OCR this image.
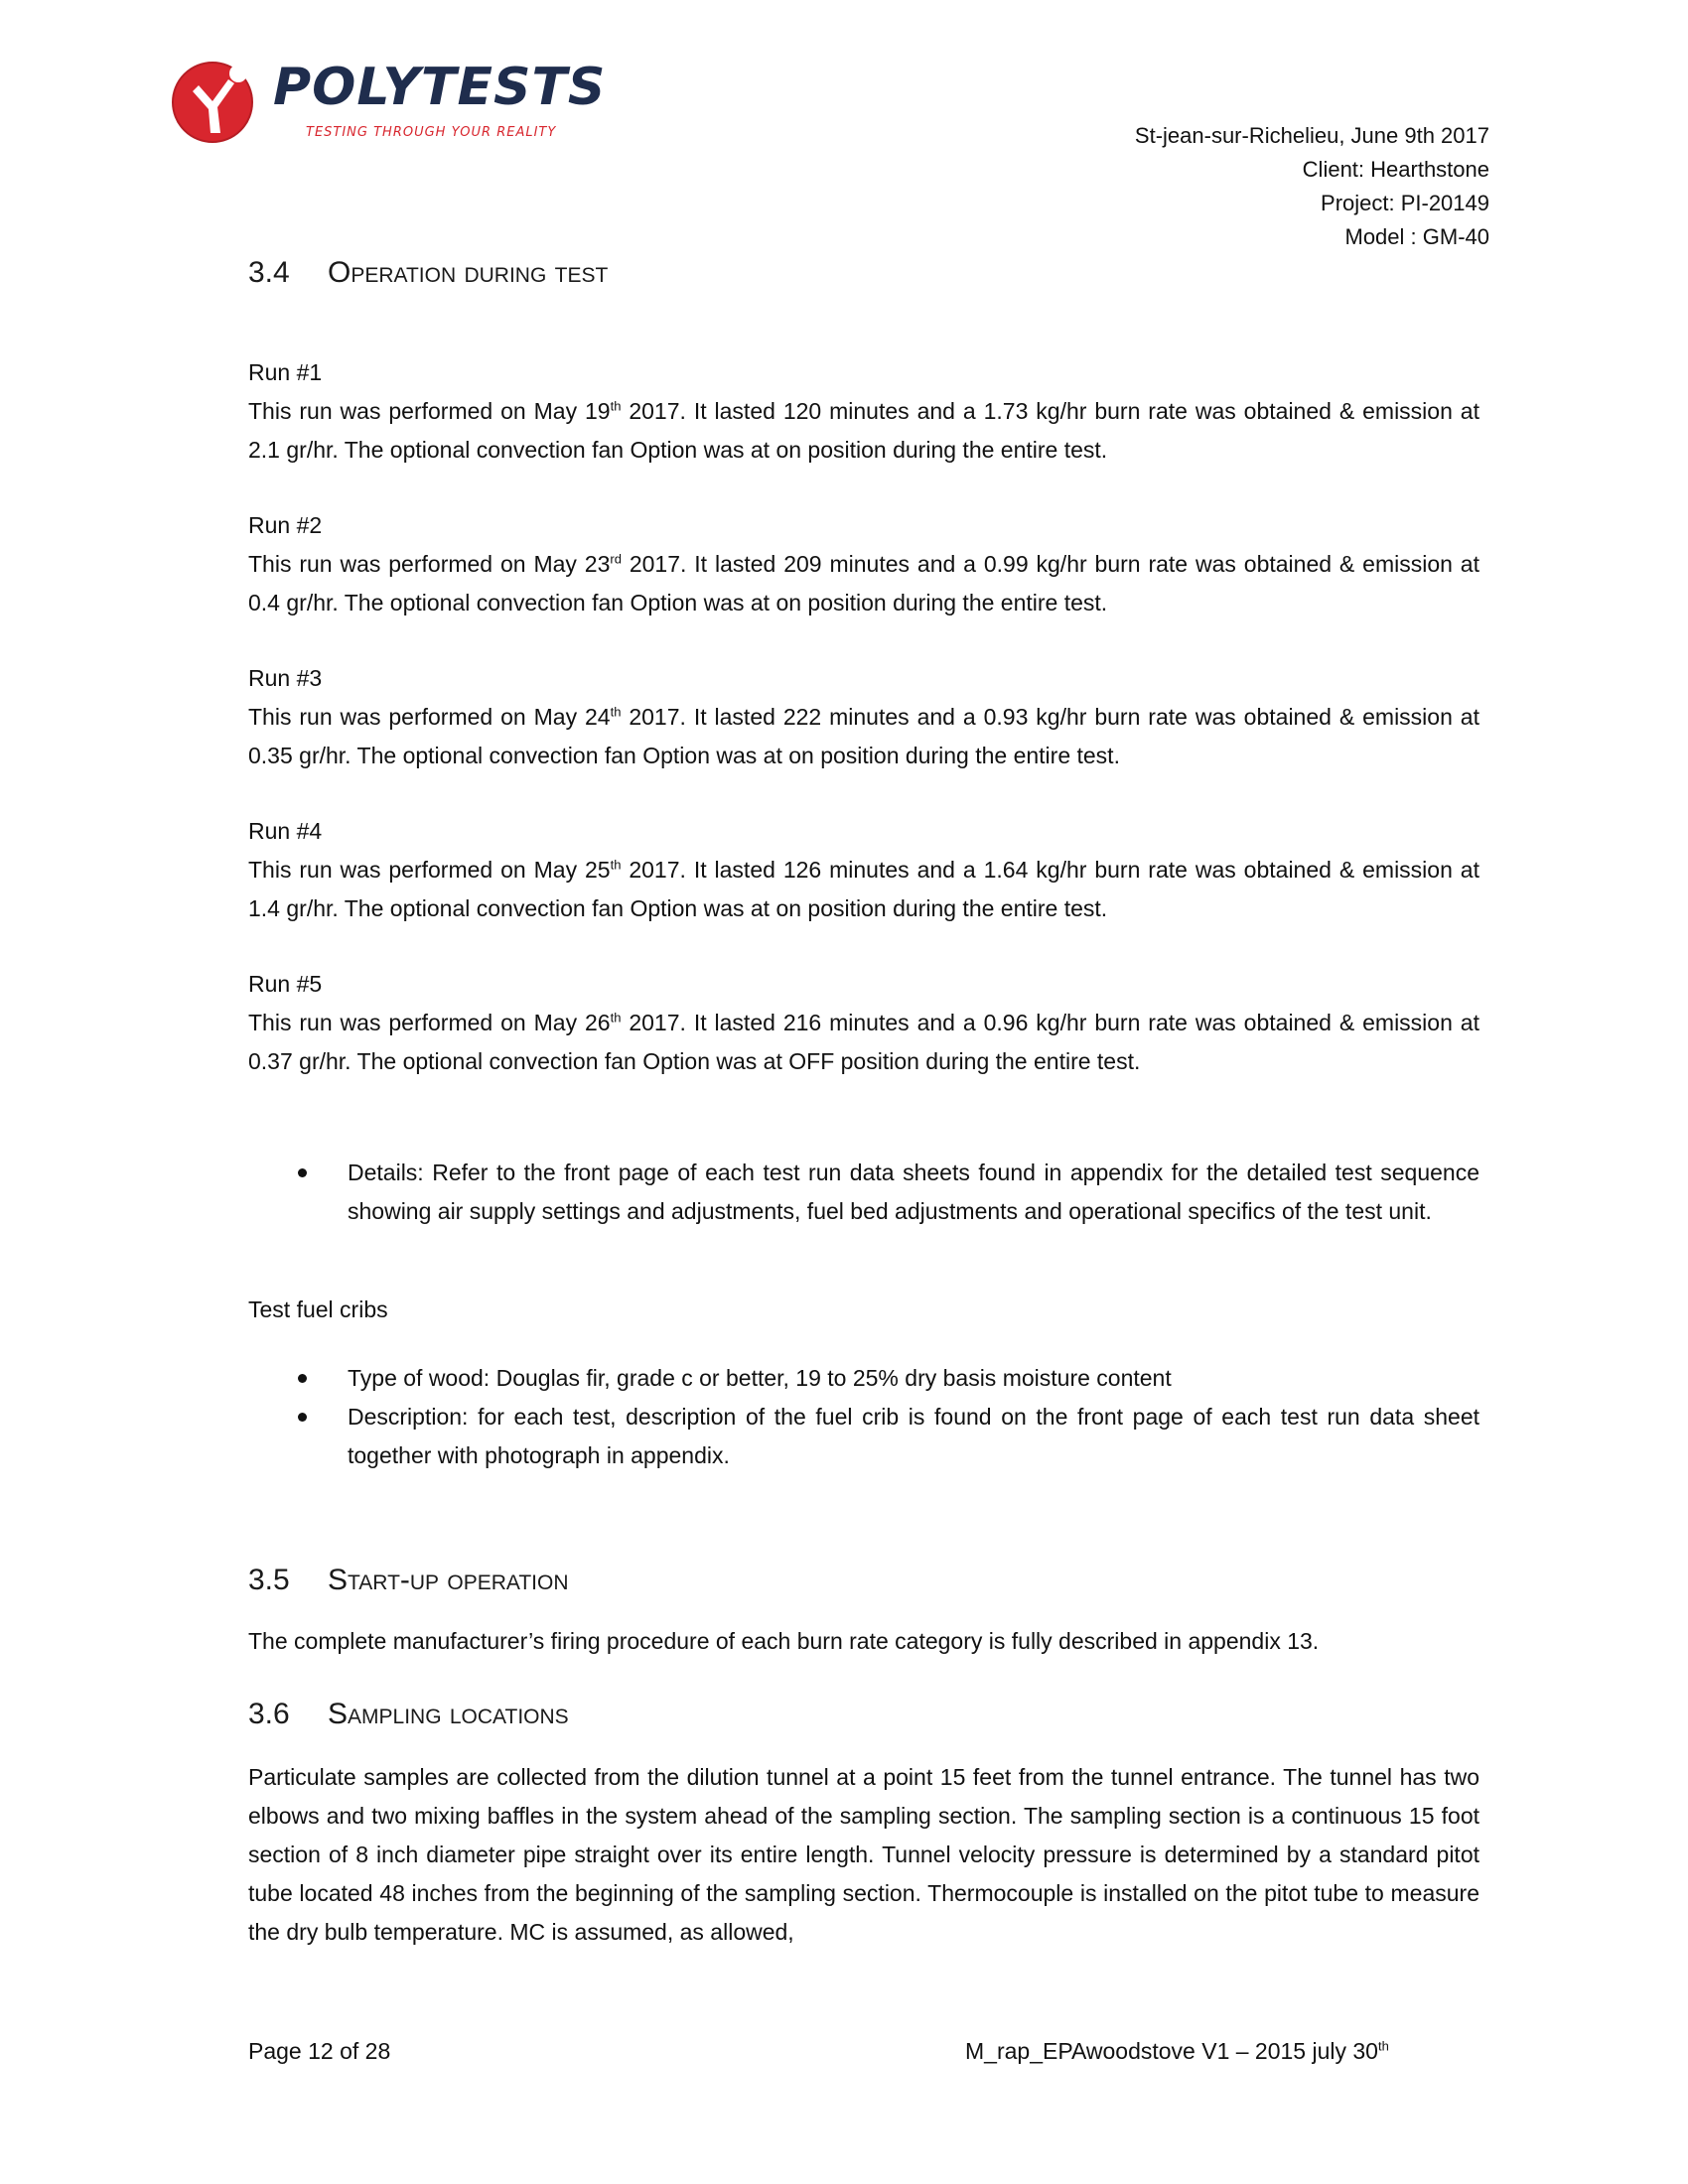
POLYTESTS
TESTING THROUGH YOUR REALITY	St-jean-sur-Richelieu, June 9th 2017
Client: Hearthstone
Project: PI-20149
Model : GM-40
3.4 Operation during test

Run #1

This run was performed on May 19th 2017. It lasted 120 minutes and a 1.73 kg/hr burn rate was obtained & emission at 2.1 gr/hr. The optional convection fan Option was at on position during the entire test.

Run #2

This run was performed on May 23rd 2017. It lasted 209 minutes and a 0.99 kg/hr burn rate was obtained & emission at 0.4 gr/hr. The optional convection fan Option was at on position during the entire test.

Run #3

This run was performed on May 24th 2017. It lasted 222 minutes and a 0.93 kg/hr burn rate was obtained & emission at 0.35 gr/hr. The optional convection fan Option was at on position during the entire test.

Run #4

This run was performed on May 25th 2017. It lasted 126 minutes and a 1.64 kg/hr burn rate was obtained & emission at 1.4 gr/hr. The optional convection fan Option was at on position during the entire test.

Run #5

This run was performed on May 26th 2017. It lasted 216 minutes and a 0.96 kg/hr burn rate was obtained & emission at 0.37 gr/hr. The optional convection fan Option was at OFF position during the entire test.

Details: Refer to the front page of each test run data sheets found in appendix for the detailed test sequence showing air supply settings and adjustments, fuel bed adjustments and operational specifics of the test unit.

Test fuel cribs

Type of wood: Douglas fir, grade c or better, 19 to 25% dry basis moisture content
Description: for each test, description of the fuel crib is found on the front page of each test run data sheet together with photograph in appendix.
3.5 Start-up operation

The complete manufacturer’s firing procedure of each burn rate category is fully described in appendix 13.

3.6 Sampling locations

Particulate samples are collected from the dilution tunnel at a point 15 feet from the tunnel entrance. The tunnel has two elbows and two mixing baffles in the system ahead of the sampling section. The sampling section is a continuous 15 foot section of 8 inch diameter pipe straight over its entire length. Tunnel velocity pressure is determined by a standard pitot tube located 48 inches from the beginning of the sampling section. Thermocouple is installed on the pitot tube to measure the dry bulb temperature. MC is assumed, as allowed,

Page 12 of 28	M_rap_EPAwoodstove V1 – 2015 july 30th
